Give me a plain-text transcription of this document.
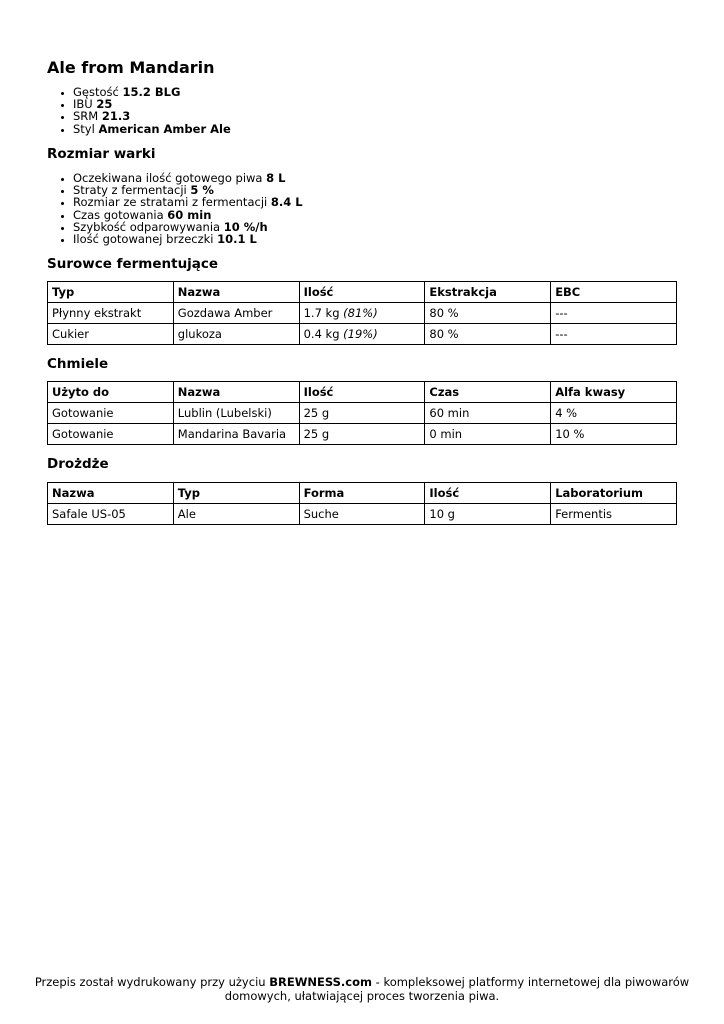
Ale from Mandarin
• Gęstość 15.2 BLG
• IBU 25
• SRM 21.3
• Styl American Amber Ale
Rozmiar warki
• Oczekiwana ilość gotowego piwa 8 L
• Straty z fermentacji 5 %
• Rozmiar ze stratami z fermentacji 8.4 L
• Czas gotowania 60 min
• Szybkość odparowywania 10 %/h
• Ilość gotowanej brzeczki 10.1 L
Surowce fermentujące
Typ	Nazwa	Ilość	Ekstrakcja	EBC
Płynny ekstrakt	Gozdawa Amber	1.7 kg (81%)	80 %	---
Cukier	glukoza	0.4 kg (19%)	80 %	---
Chmiele
Użyto do	Nazwa	Ilość	Czas	Alfa kwasy
Gotowanie	Lublin (Lubelski)	25 g	60 min	4 %
Gotowanie	Mandarina Bavaria	25 g	0 min	10 %
Drożdże
Nazwa	Typ	Forma	Ilość	Laboratorium
Safale US-05	Ale	Suche	10 g	Fermentis
Przepis został wydrukowany przy użyciu BREWNESS.com - kompleksowej platformy internetowej dla piwowarów
domowych, ułatwiającej proces tworzenia piwa.
